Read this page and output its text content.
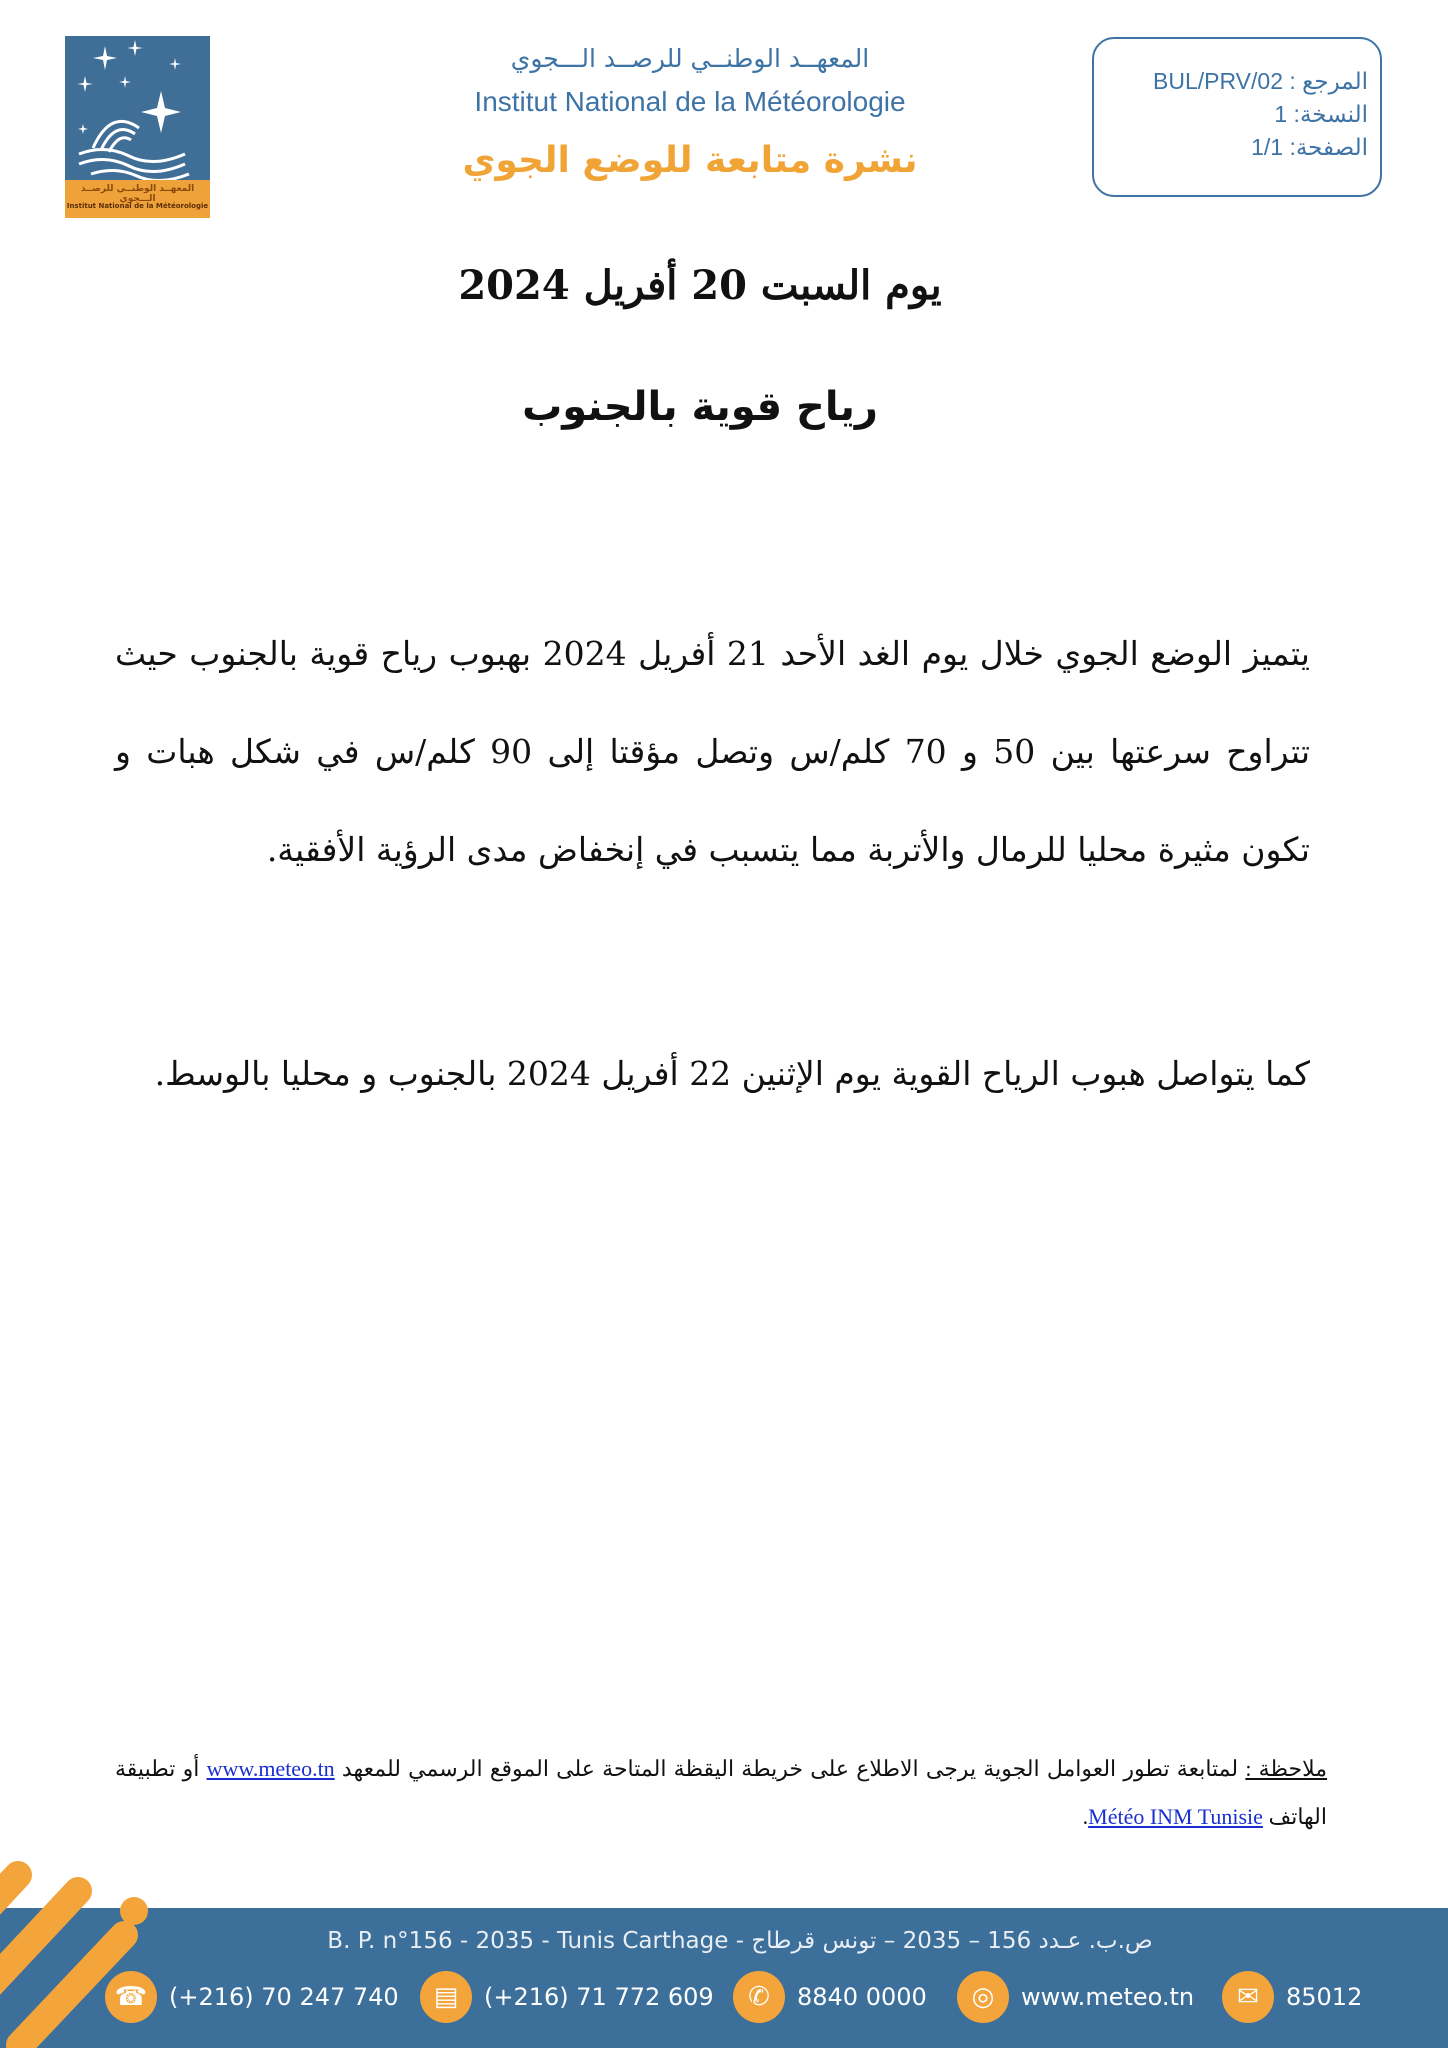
المعهــد الوطنــي للرصــد الـــجوي
Institut National de la Météorologie
المعهــد الوطنــي للرصــد الـــجوي
Institut National de la Météorologie
نشرة متابعة للوضع الجوي
المرجع : BUL/PRV/02
النسخة: 1
الصفحة: 1/1
يوم السبت 20 أفريل 2024
رياح قوية بالجنوب
يتميز الوضع الجوي خلال يوم الغد الأحد 21 أفريل 2024 بهبوب رياح قوية بالجنوب حيث تتراوح سرعتها بين 50 و 70 كلم/س وتصل مؤقتا إلى 90 كلم/س في شكل هبات و تكون مثيرة محليا للرمال والأتربة مما يتسبب في إنخفاض مدى الرؤية الأفقية.
كما يتواصل هبوب الرياح القوية يوم الإثنين 22 أفريل 2024 بالجنوب و محليا بالوسط.
ملاحظة : لمتابعة تطور العوامل الجوية يرجى الاطلاع على خريطة اليقظة المتاحة على الموقع الرسمي للمعهد www.meteo.tn أو تطبيقة الهاتف Météo INM Tunisie.
B. P. n°156 - 2035 - Tunis Carthage - ص.ب. عـدد 156 – 2035 – تونس قرطاج
☎ (+216) 70 247 740	▤	(+216) 71 772 609	✆	8840 0000	◎	www.meteo.tn	✉	85012
